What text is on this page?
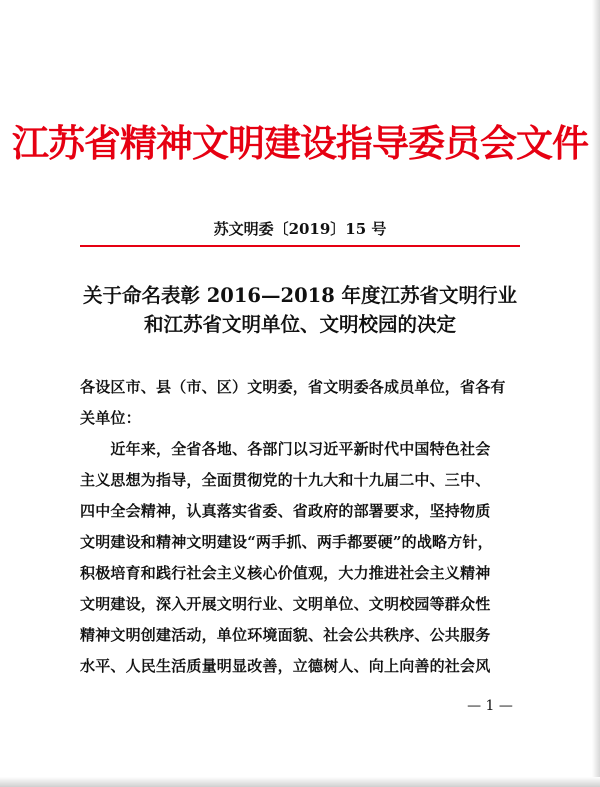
江苏省精神文明建设指导委员会文件
苏文明委〔2019〕15 号
关于命名表彰 2016—2018 年度江苏省文明行业
和江苏省文明单位、文明校园的决定
各设区市、县（市、区）文明委，省文明委各成员单位，省各有
关单位：
　　近年来，全省各地、各部门以习近平新时代中国特色社会
主义思想为指导，全面贯彻党的十九大和十九届二中、三中、
四中全会精神，认真落实省委、省政府的部署要求，坚持物质
文明建设和精神文明建设“两手抓、两手都要硬”的战略方针，
积极培育和践行社会主义核心价值观，大力推进社会主义精神
文明建设，深入开展文明行业、文明单位、文明校园等群众性
精神文明创建活动，单位环境面貌、社会公共秩序、公共服务
水平、人民生活质量明显改善，立德树人、向上向善的社会风
— 1 —
